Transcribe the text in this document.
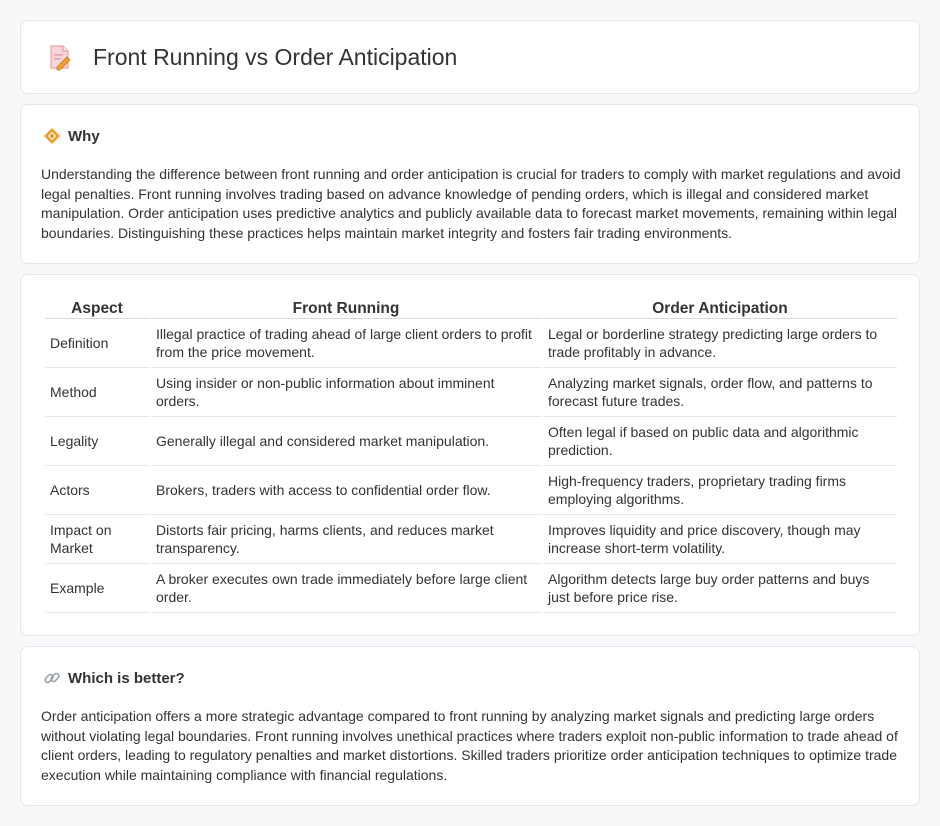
Front Running vs Order Anticipation
Why

Understanding the difference between front running and order anticipation is crucial for traders to comply with market regulations and avoid legal penalties. Front running involves trading based on advance knowledge of pending orders, which is illegal and considered market manipulation. Order anticipation uses predictive analytics and publicly available data to forecast market movements, remaining within legal boundaries. Distinguishing these practices helps maintain market integrity and fosters fair trading environments.

Aspect	Front Running	Order Anticipation
Definition	Illegal practice of trading ahead of large client orders to profit from the price movement.	Legal or borderline strategy predicting large orders to trade profitably in advance.
Method	Using insider or non-public information about imminent orders.	Analyzing market signals, order flow, and patterns to forecast future trades.
Legality	Generally illegal and considered market manipulation.	Often legal if based on public data and algorithmic prediction.
Actors	Brokers, traders with access to confidential order flow.	High-frequency traders, proprietary trading firms employing algorithms.
Impact on Market	Distorts fair pricing, harms clients, and reduces market transparency.	Improves liquidity and price discovery, though may increase short-term volatility.
Example	A broker executes own trade immediately before large client order.	Algorithm detects large buy order patterns and buys just before price rise.
Which is better?

Order anticipation offers a more strategic advantage compared to front running by analyzing market signals and predicting large orders without violating legal boundaries. Front running involves unethical practices where traders exploit non-public information to trade ahead of client orders, leading to regulatory penalties and market distortions. Skilled traders prioritize order anticipation techniques to optimize trade execution while maintaining compliance with financial regulations.
